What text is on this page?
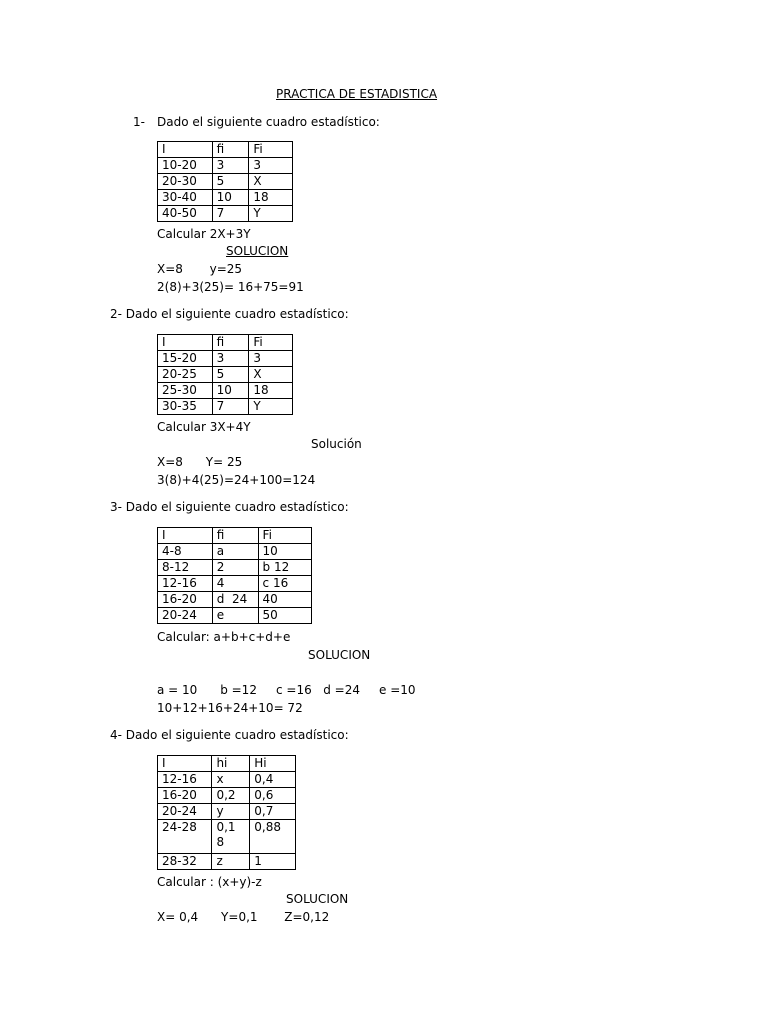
PRACTICA DE ESTADISTICA
1- Dado el siguiente cuadro estadístico:
I	fi	Fi
10-20	3	3
20-30	5	X
30-40	10	18
40-50	7	Y
Calcular 2X+3Y
SOLUCION
X=8       y=25
2(8)+3(25)= 16+75=91
2- Dado el siguiente cuadro estadístico:
I	fi	Fi
15-20	3	3
20-25	5	X
25-30	10	18
30-35	7	Y
Calcular 3X+4Y
Solución
X=8      Y= 25
3(8)+4(25)=24+100=124
3- Dado el siguiente cuadro estadístico:
I	fi	Fi
4-8	a	10
8-12	2	b 12
12-16	4	c 16
16-20	d  24	40
20-24	e	50
Calcular: a+b+c+d+e
SOLUCION
a = 10      b =12     c =16   d =24     e =10
10+12+16+24+10= 72
4- Dado el siguiente cuadro estadístico:
I	hi	Hi
12-16	x	0,4
16-20	0,2	0,6
20-24	y	0,7
24-28	0,1 8	0,88
28-32	z	1
Calcular : (x+y)-z
SOLUCION
X= 0,4      Y=0,1       Z=0,12
